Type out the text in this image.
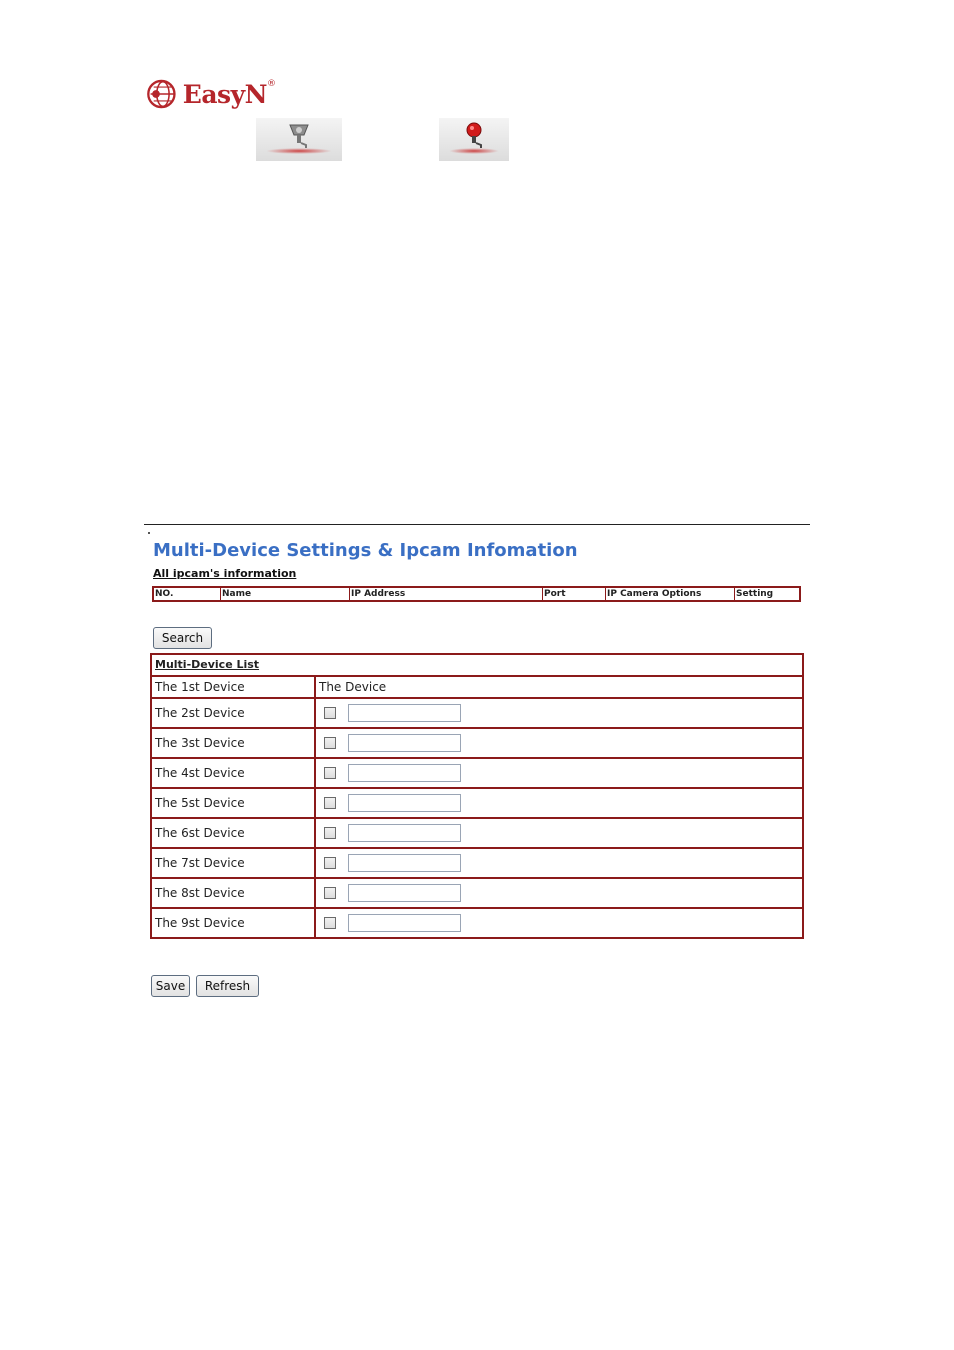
EasyN ®
Multi-Device Settings & Ipcam Infomation
All ipcam's information
NO.	Name	IP Address	Port	IP Camera Options	Setting
Search
Multi-Device List
The 1st Device	The Device
The 2st Device
The 3st Device
The 4st Device
The 5st Device
The 6st Device
The 7st Device
The 8st Device
The 9st Device
Save	Refresh
